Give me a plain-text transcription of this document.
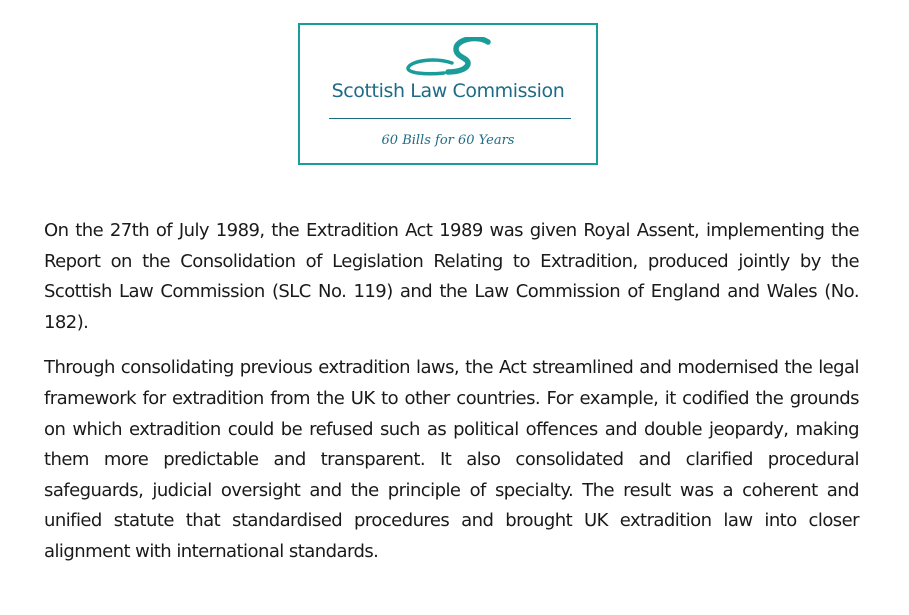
Scottish Law Commission
60 Bills for 60 Years

On the 27th of July 1989, the Extradition Act 1989 was given Royal Assent, implementing the Report on the Consolidation of Legislation Relating to Extradition, produced jointly by the Scottish Law Commission (SLC No. 119) and the Law Commission of England and Wales (No. 182).

Through consolidating previous extradition laws, the Act streamlined and modernised the legal framework for extradition from the UK to other countries. For example, it codified the grounds on which extradition could be refused such as political offences and double jeopardy, making them more predictable and transparent. It also consolidated and clarified procedural safeguards, judicial oversight and the principle of specialty. The result was a coherent and unified statute that standardised procedures and brought UK extradition law into closer alignment with international standards.
